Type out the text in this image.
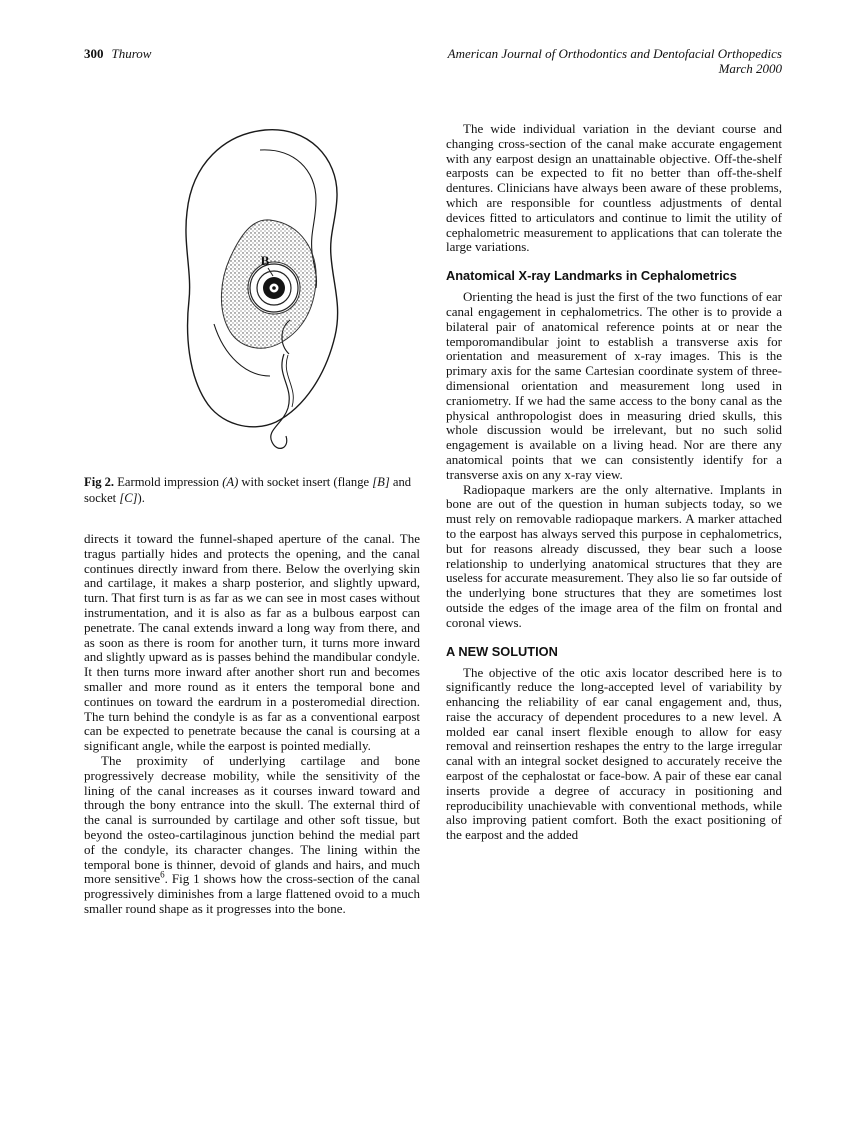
300 Thurow	American Journal of Orthodontics and Dentofacial Orthopedics
March 2000
B
Fig 2. Earmold impression (A) with socket insert (flange [B] and socket [C]).

directs it toward the funnel-shaped aperture of the canal. The tragus partially hides and protects the opening, and the canal continues directly inward from there. Below the overlying skin and cartilage, it makes a sharp posterior, and slightly upward, turn. That first turn is as far as we can see in most cases without instrumentation, and it is also as far as a bulbous earpost can penetrate. The canal extends inward a long way from there, and as soon as there is room for another turn, it turns more inward and slightly upward as is passes behind the mandibular condyle. It then turns more inward after another short run and becomes smaller and more round as it enters the temporal bone and continues on toward the eardrum in a posteromedial direction. The turn behind the condyle is as far as a conventional earpost can be expected to penetrate because the canal is coursing at a significant angle, while the earpost is pointed medially.

The proximity of underlying cartilage and bone progressively decrease mobility, while the sensitivity of the lining of the canal increases as it courses inward toward and through the bony entrance into the skull. The external third of the canal is surrounded by cartilage and other soft tissue, but beyond the osteo-cartilaginous junction behind the medial part of the condyle, its character changes. The lining within the temporal bone is thinner, devoid of glands and hairs, and much more sensitive$^6$. Fig 1 shows how the cross-section of the canal progressively diminishes from a large flattened ovoid to a much smaller round shape as it progresses into the bone.

The wide individual variation in the deviant course and changing cross-section of the canal make accurate engagement with any earpost design an unattainable objective. Off-the-shelf earposts can be expected to fit no better than off-the-shelf dentures. Clinicians have always been aware of these problems, which are responsible for countless adjustments of dental devices fitted to articulators and continue to limit the utility of cephalometric measurement to applications that can tolerate the large variations.

Anatomical X-ray Landmarks in Cephalometrics

Orienting the head is just the first of the two functions of ear canal engagement in cephalometrics. The other is to provide a bilateral pair of anatomical reference points at or near the temporomandibular joint to establish a transverse axis for orientation and measurement of x-ray images. This is the primary axis for the same Cartesian coordinate system of three-dimensional orientation and measurement long used in craniometry. If we had the same access to the bony canal as the physical anthropologist does in measuring dried skulls, this whole discussion would be irrelevant, but no such solid engagement is available on a living head. Nor are there any anatomical points that we can consistently identify for a transverse axis on any x-ray view.

Radiopaque markers are the only alternative. Implants in bone are out of the question in human subjects today, so we must rely on removable radiopaque markers. A marker attached to the earpost has always served this purpose in cephalometrics, but for reasons already discussed, they bear such a loose relationship to underlying anatomical structures that they are useless for accurate measurement. They also lie so far outside of the underlying bone structures that they are sometimes lost outside the edges of the image area of the film on frontal and coronal views.

A NEW SOLUTION

The objective of the otic axis locator described here is to significantly reduce the long-accepted level of variability by enhancing the reliability of ear canal engagement and, thus, raise the accuracy of dependent procedures to a new level. A molded ear canal insert flexible enough to allow for easy removal and reinsertion reshapes the entry to the large irregular canal with an integral socket designed to accurately receive the earpost of the cephalostat or face-bow. A pair of these ear canal inserts provide a degree of accuracy in positioning and reproducibility unachievable with conventional methods, while also improving patient comfort. Both the exact positioning of the earpost and the added
